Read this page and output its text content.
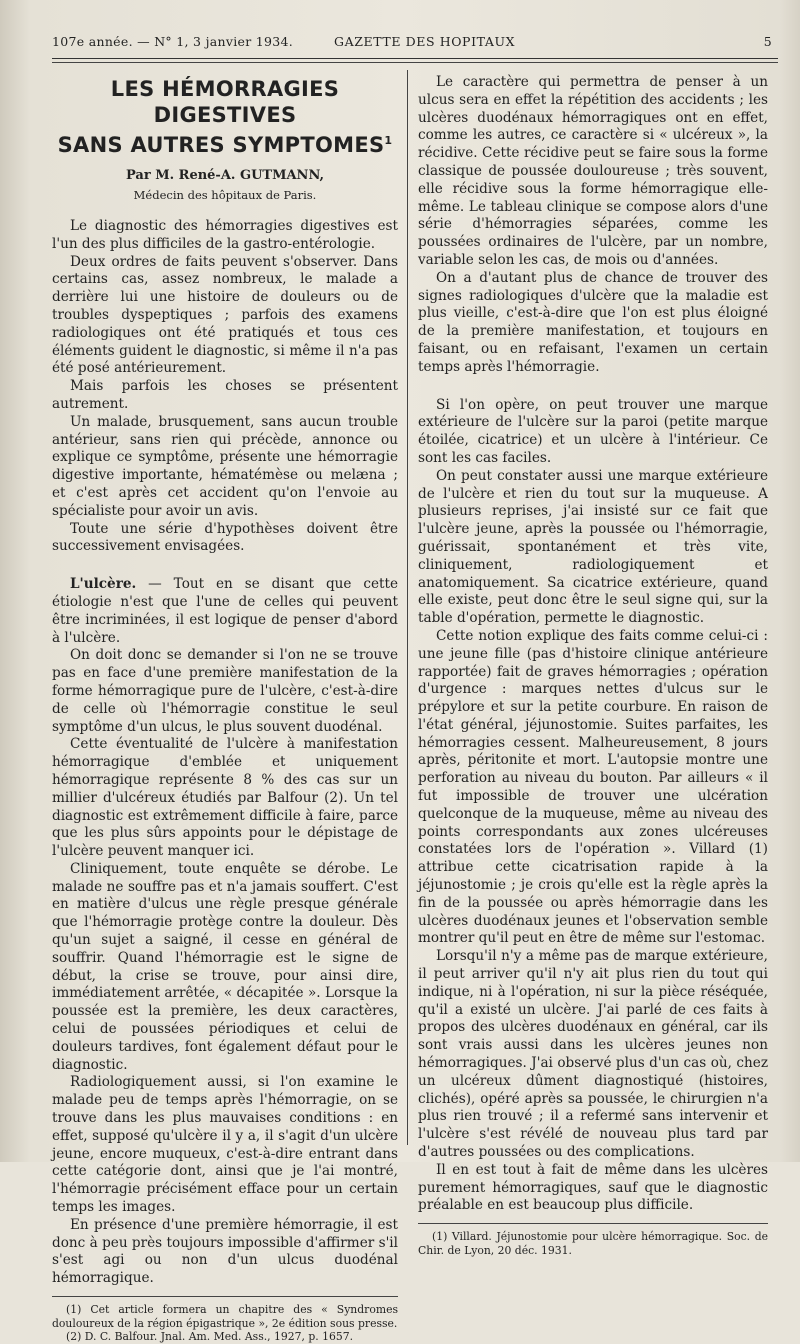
107e année. — N° 1, 3 janvier 1934.	GAZETTE DES HOPITAUX	5
LES HÉMORRAGIES DIGESTIVES
SANS AUTRES SYMPTOMES$^1$
Par M. René-A. GUTMANN,
Médecin des hôpitaux de Paris.

Le diagnostic des hémorragies digestives est l'un des plus difficiles de la gastro-entérologie.

Deux ordres de faits peuvent s'observer. Dans certains cas, assez nombreux, le malade a derrière lui une histoire de douleurs ou de troubles dyspeptiques ; parfois des examens radiologiques ont été pratiqués et tous ces éléments guident le diagnostic, si même il n'a pas été posé antérieurement.

Mais parfois les choses se présentent autrement.

Un malade, brusquement, sans aucun trouble antérieur, sans rien qui précède, annonce ou explique ce symptôme, présente une hémorragie digestive importante, hématémèse ou melæna ; et c'est après cet accident qu'on l'envoie au spécialiste pour avoir un avis.

Toute une série d'hypothèses doivent être successivement envisagées.

L'ulcère. — Tout en se disant que cette étiologie n'est que l'une de celles qui peuvent être incriminées, il est logique de penser d'abord à l'ulcère.

On doit donc se demander si l'on ne se trouve pas en face d'une première manifestation de la forme hémorragique pure de l'ulcère, c'est-à-dire de celle où l'hémorragie constitue le seul symptôme d'un ulcus, le plus souvent duodénal.

Cette éventualité de l'ulcère à manifestation hémorragique d'emblée et uniquement hémorragique représente 8 % des cas sur un millier d'ulcéreux étudiés par Balfour (2). Un tel diagnostic est extrêmement difficile à faire, parce que les plus sûrs appoints pour le dépistage de l'ulcère peuvent manquer ici.

Cliniquement, toute enquête se dérobe. Le malade ne souffre pas et n'a jamais souffert. C'est en matière d'ulcus une règle presque générale que l'hémorragie protège contre la douleur. Dès qu'un sujet a saigné, il cesse en général de souffrir. Quand l'hémorragie est le signe de début, la crise se trouve, pour ainsi dire, immédiatement arrêtée, « décapitée ». Lorsque la poussée est la première, les deux caractères, celui de poussées périodiques et celui de douleurs tardives, font également défaut pour le diagnostic.

Radiologiquement aussi, si l'on examine le malade peu de temps après l'hémorragie, on se trouve dans les plus mauvaises conditions : en effet, supposé qu'ulcère il y a, il s'agit d'un ulcère jeune, encore muqueux, c'est-à-dire entrant dans cette catégorie dont, ainsi que je l'ai montré, l'hémorragie précisément efface pour un certain temps les images.

En présence d'une première hémorragie, il est donc à peu près toujours impossible d'affirmer s'il s'est agi ou non d'un ulcus duodénal hémorragique.

(1) Cet article formera un chapitre des « Syndromes douloureux de la région épigastrique », 2e édition sous presse.

(2) D. C. Balfour. Jnal. Am. Med. Ass., 1927, p. 1657.

Le caractère qui permettra de penser à un ulcus sera en effet la répétition des accidents ; les ulcères duodénaux hémorragiques ont en effet, comme les autres, ce caractère si « ulcéreux », la récidive. Cette récidive peut se faire sous la forme classique de poussée douloureuse ; très souvent, elle récidive sous la forme hémorragique elle-même. Le tableau clinique se compose alors d'une série d'hémorragies séparées, comme les poussées ordinaires de l'ulcère, par un nombre, variable selon les cas, de mois ou d'années.

On a d'autant plus de chance de trouver des signes radiologiques d'ulcère que la maladie est plus vieille, c'est-à-dire que l'on est plus éloigné de la première manifestation, et toujours en faisant, ou en refaisant, l'examen un certain temps après l'hémorragie.

Si l'on opère, on peut trouver une marque extérieure de l'ulcère sur la paroi (petite marque étoilée, cicatrice) et un ulcère à l'intérieur. Ce sont les cas faciles.

On peut constater aussi une marque extérieure de l'ulcère et rien du tout sur la muqueuse. A plusieurs reprises, j'ai insisté sur ce fait que l'ulcère jeune, après la poussée ou l'hémorragie, guérissait, spontanément et très vite, cliniquement, radiologiquement et anatomiquement. Sa cicatrice extérieure, quand elle existe, peut donc être le seul signe qui, sur la table d'opération, permette le diagnostic.

Cette notion explique des faits comme celui-ci : une jeune fille (pas d'histoire clinique antérieure rapportée) fait de graves hémorragies ; opération d'urgence : marques nettes d'ulcus sur le prépylore et sur la petite courbure. En raison de l'état général, jéjunostomie. Suites parfaites, les hémorragies cessent. Malheureusement, 8 jours après, péritonite et mort. L'autopsie montre une perforation au niveau du bouton. Par ailleurs « il fut impossible de trouver une ulcération quelconque de la muqueuse, même au niveau des points correspondants aux zones ulcéreuses constatées lors de l'opération ». Villard (1) attribue cette cicatrisation rapide à la jéjunostomie ; je crois qu'elle est la règle après la fin de la poussée ou après hémorragie dans les ulcères duodénaux jeunes et l'observation semble montrer qu'il peut en être de même sur l'estomac.

Lorsqu'il n'y a même pas de marque extérieure, il peut arriver qu'il n'y ait plus rien du tout qui indique, ni à l'opération, ni sur la pièce réséquée, qu'il a existé un ulcère. J'ai parlé de ces faits à propos des ulcères duodénaux en général, car ils sont vrais aussi dans les ulcères jeunes non hémorragiques. J'ai observé plus d'un cas où, chez un ulcéreux dûment diagnostiqué (histoires, clichés), opéré après sa poussée, le chirurgien n'a plus rien trouvé ; il a refermé sans intervenir et l'ulcère s'est révélé de nouveau plus tard par d'autres poussées ou des complications.

Il en est tout à fait de même dans les ulcères purement hémorragiques, sauf que le diagnostic préalable en est beaucoup plus difficile.

(1) Villard. Jéjunostomie pour ulcère hémorragique. Soc. de Chir. de Lyon, 20 déc. 1931.
